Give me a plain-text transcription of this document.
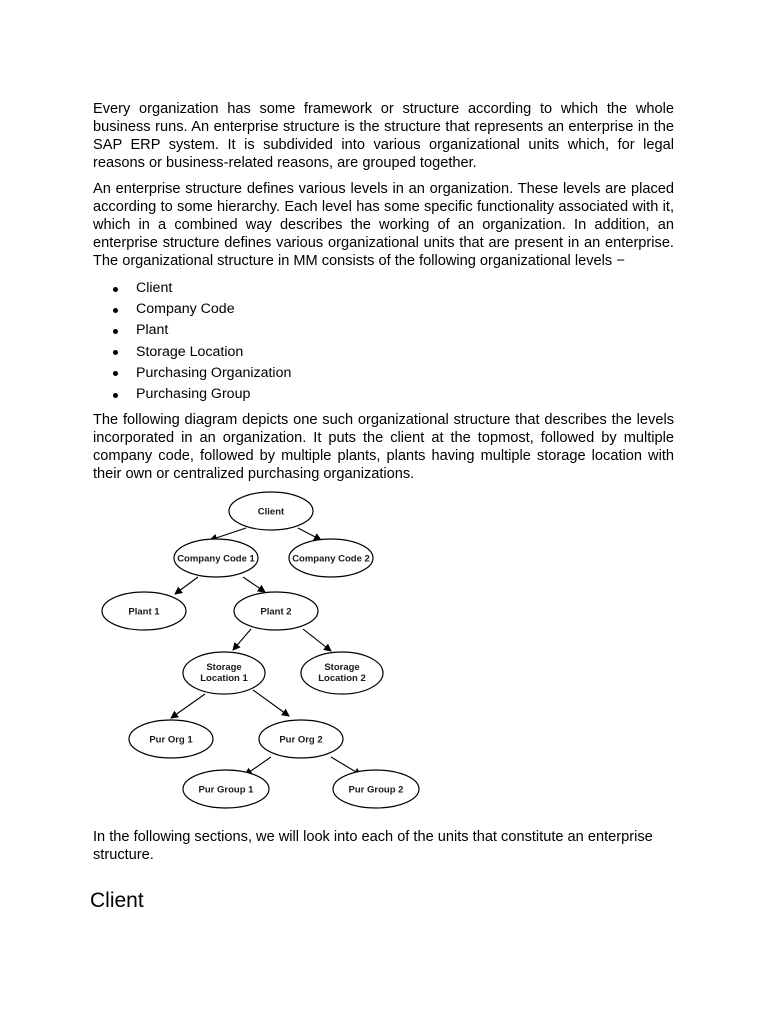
Every organization has some framework or structure according to which the whole business runs. An enterprise structure is the structure that represents an enterprise in the SAP ERP system. It is subdivided into various organizational units which, for legal reasons or business-related reasons, are grouped together.

An enterprise structure defines various levels in an organization. These levels are placed according to some hierarchy. Each level has some specific functionality associated with it, which in a combined way describes the working of an organization. In addition, an enterprise structure defines various organizational units that are present in an enterprise. The organizational structure in MM consists of the following organizational levels −

Client
Company Code
Plant
Storage Location
Purchasing Organization
Purchasing Group

The following diagram depicts one such organizational structure that describes the levels incorporated in an organization. It puts the client at the topmost, followed by multiple company code, followed by multiple plants, plants having multiple storage location with their own or centralized purchasing organizations.

Client
Company Code 1	Company Code 2
Plant 1	Plant 2
Storage
Location 1
Storage
Location 2
Pur Org 1	Pur Org 2
Pur Group 1	Pur Group 2

In the following sections, we will look into each of the units that constitute an enterprise structure.

Client
